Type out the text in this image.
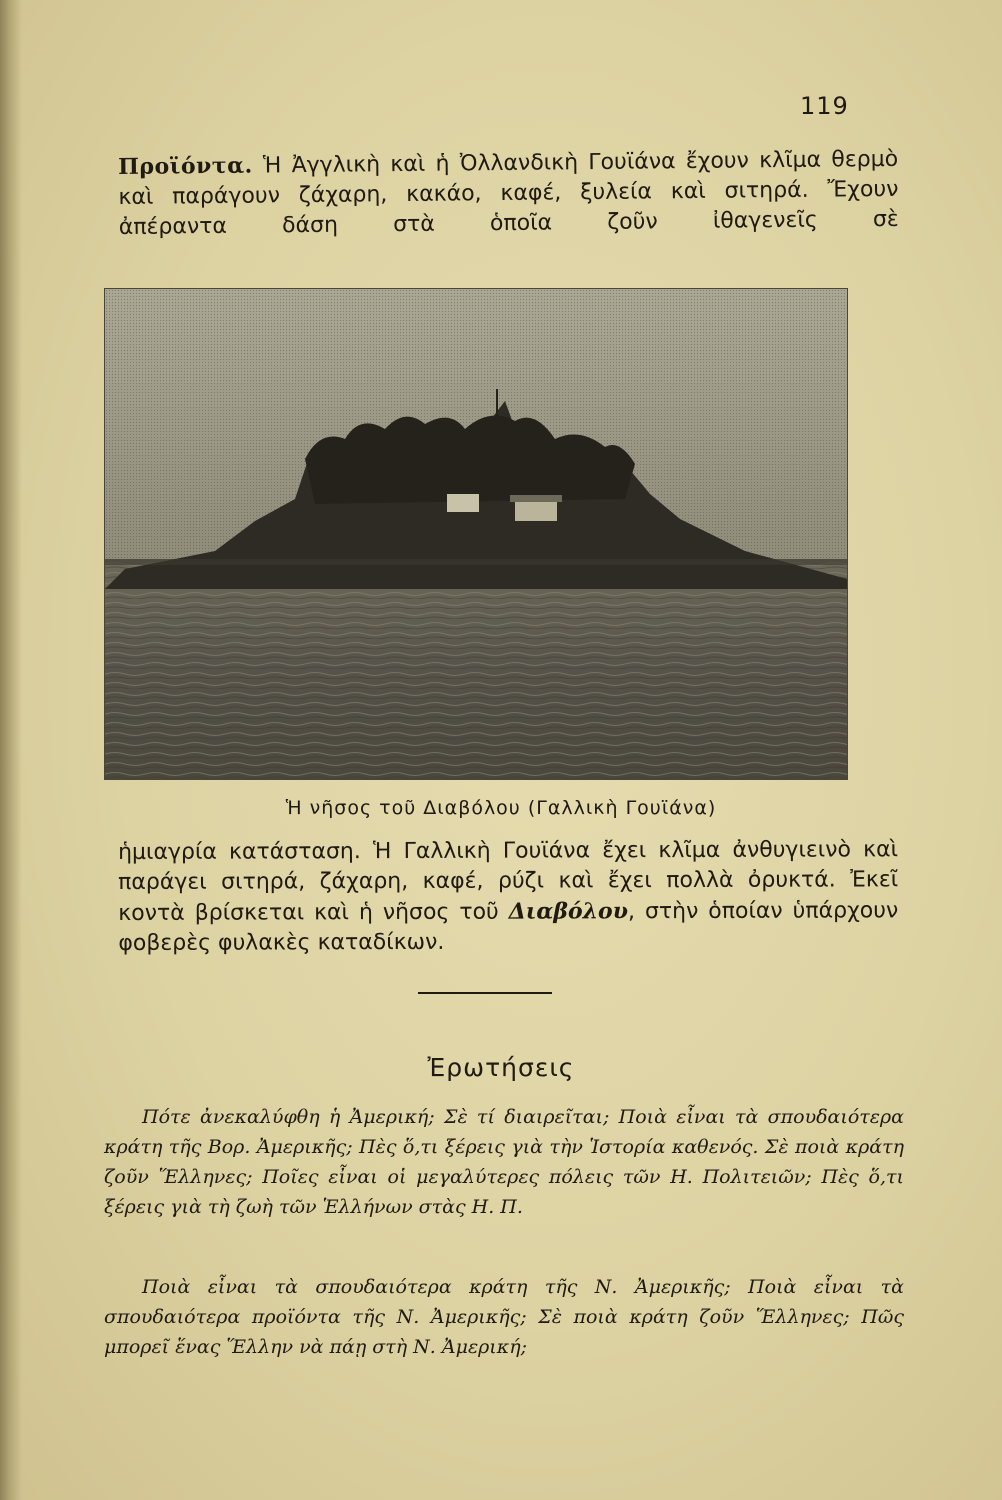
119

Προϊόντα. Ἡ Ἀγγλικὴ καὶ ἡ Ὀλλανδικὴ Γουϊάνα ἔχουν κλῖμα θερμὸ καὶ παράγουν ζάχαρη, κακάο, καφέ, ξυλεία καὶ σιτηρά. Ἔχουν ἀπέραντα δάση στὰ ὁποῖα ζοῦν ἰθαγενεῖς σὲ

Ἡ νῆσος τοῦ Διαβόλου (Γαλλικὴ Γουϊάνα)

ἡμιαγρία κατάσταση. Ἡ Γαλλικὴ Γουϊάνα ἔχει κλῖμα ἀνθυγιεινὸ καὶ παράγει σιτηρά, ζάχαρη, καφέ, ρύζι καὶ ἔχει πολλὰ ὀρυκτά. Ἐκεῖ κοντὰ βρίσκεται καὶ ἡ νῆσος τοῦ Διαβόλου, στὴν ὁποίαν ὑπάρχουν φοβερὲς φυλακὲς καταδίκων.

Ἐρωτήσεις

Πότε ἀνεκαλύφθη ἡ Ἀμερική; Σὲ τί διαιρεῖται; Ποιὰ εἶναι τὰ σπουδαιότερα κράτη τῆς Βορ. Ἀμερικῆς; Πὲς ὅ,τι ξέρεις γιὰ τὴν Ἱστορία καθενός. Σὲ ποιὰ κράτη ζοῦν Ἕλληνες; Ποῖες εἶναι οἱ μεγαλύτερες πόλεις τῶν Η. Πολιτειῶν; Πὲς ὅ,τι ξέρεις γιὰ τὴ ζωὴ τῶν Ἑλλήνων στὰς Η. Π.

Ποιὰ εἶναι τὰ σπουδαιότερα κράτη τῆς Ν. Ἀμερικῆς; Ποιὰ εἶναι τὰ σπουδαιότερα προϊόντα τῆς Ν. Ἀμερικῆς; Σὲ ποιὰ κράτη ζοῦν Ἕλληνες; Πῶς μπορεῖ ἕνας Ἕλλην νὰ πάῃ στὴ Ν. Ἀμερική;
